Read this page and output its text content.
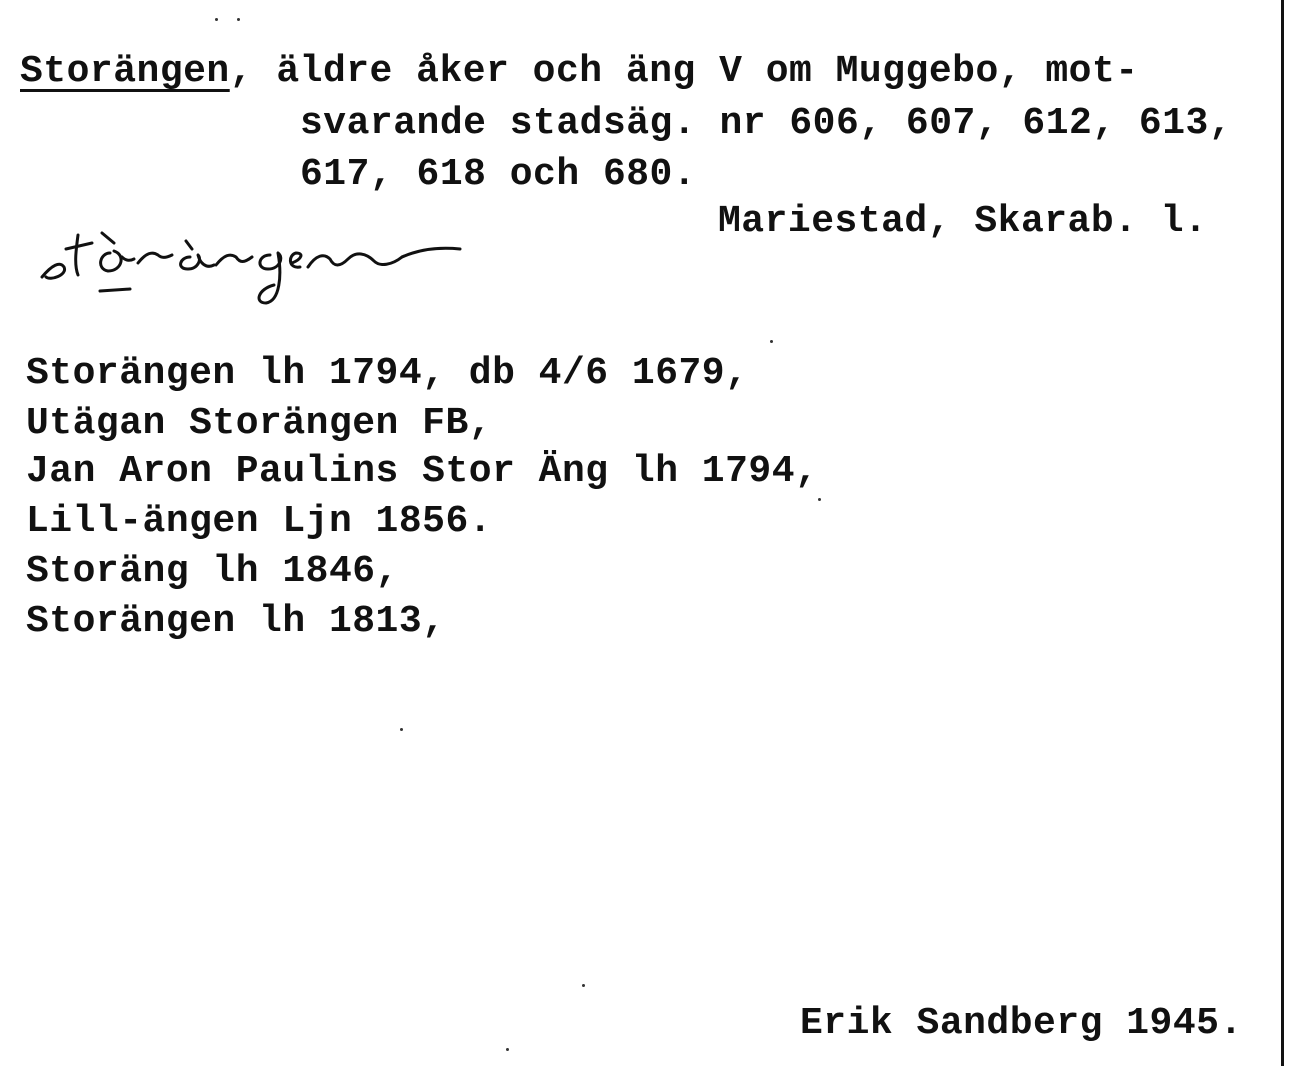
Storängen, äldre åker och äng V om Muggebo, mot-
svarande stadsäg. nr 606, 607, 612, 613,
617, 618 och 680.
Mariestad, Skarab. l.
Storängen lh 1794, db 4/6 1679,
Utägan Storängen FB,
Jan Aron Paulins Stor Äng lh 1794,
Lill-ängen Ljn 1856.
Storäng lh 1846,
Storängen lh 1813,
Erik Sandberg 1945.
